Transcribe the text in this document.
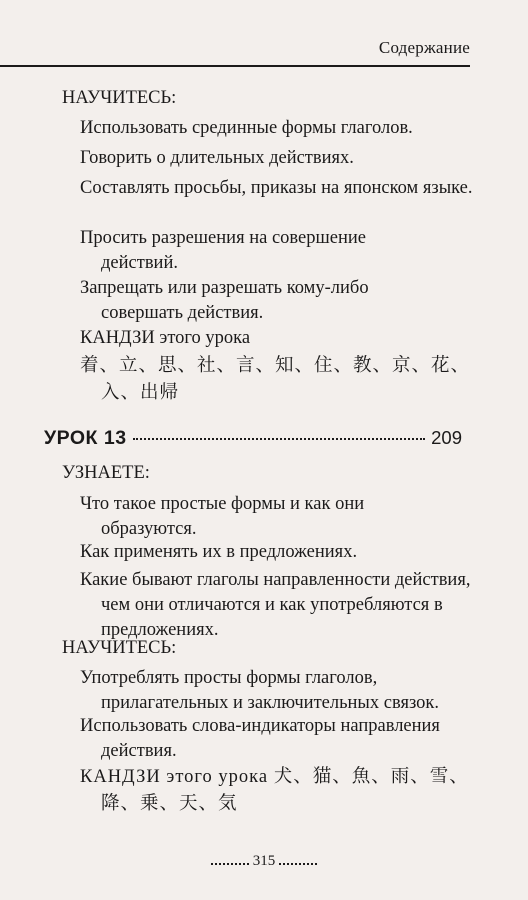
Содержание
НАУЧИТЕСЬ:
Использовать срединные формы глаголов.
Говорить о длительных действиях.
Составлять просьбы, приказы на японском языке.
Просить разрешения на совершение действий.
Запрещать или разрешать кому-либо совершать действия.
КАНДЗИ этого урока
着、立、思、社、言、知、住、教、京、花、入、出帰
УРОК 13	209
УЗНАЕТЕ:
Что такое простые формы и как они образуются.
Как применять их в предложениях.
Какие бывают глаголы направленности действия, чем они отличаются и как употребляются в предложениях.
НАУЧИТЕСЬ:
Употреблять просты формы глаголов, прилагательных и заключительных связок.
Использовать слова-индикаторы направления действия.
КАНДЗИ этого урока 犬、猫、魚、雨、雪、降、乗、天、気
315
